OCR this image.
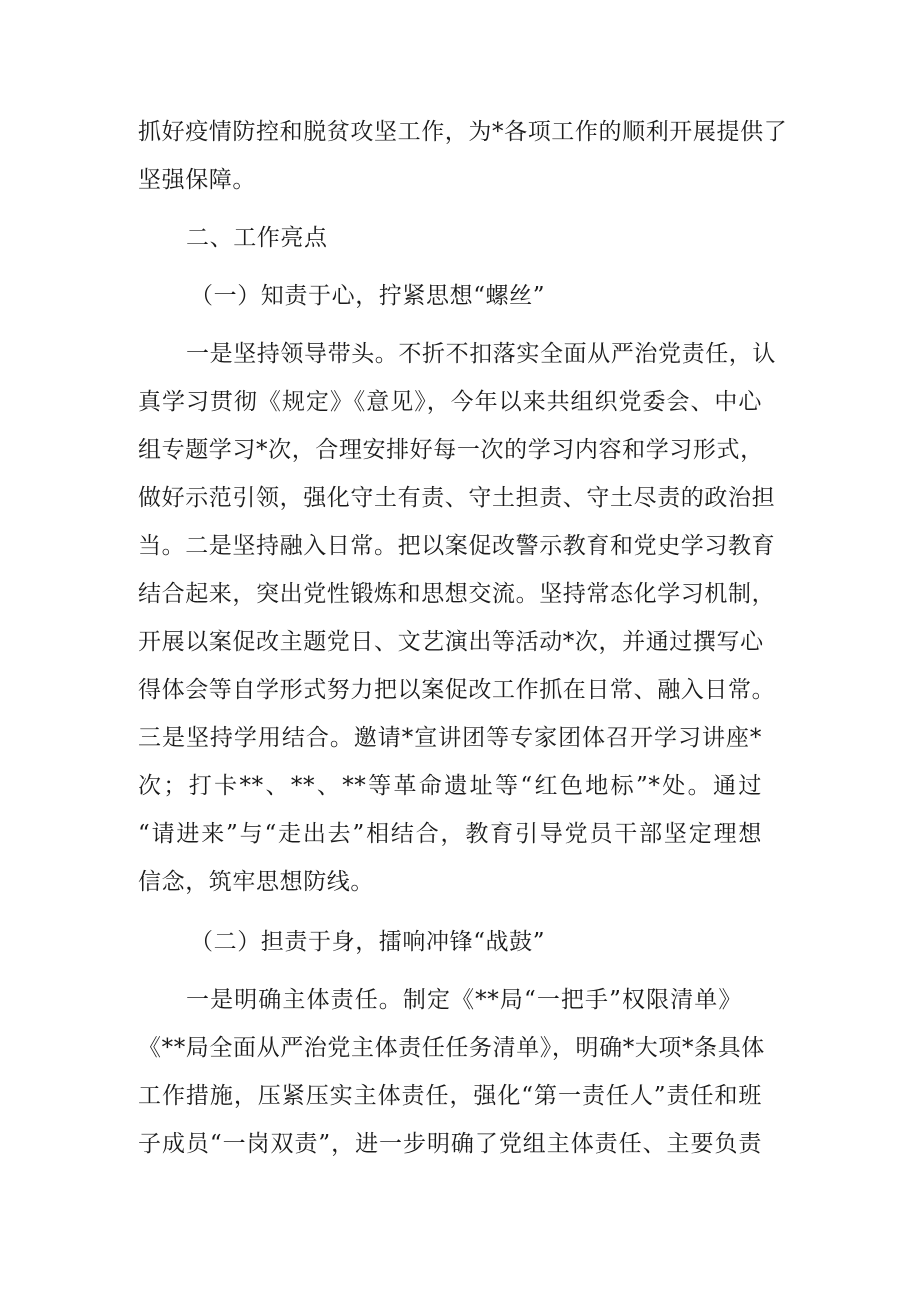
抓好疫情防控和脱贫攻坚工作，为*各项工作的顺利开展提供了
坚强保障。
二、工作亮点
（一）知责于心，拧紧思想“螺丝”
一是坚持领导带头。不折不扣落实全面从严治党责任，认
真学习贯彻《规定》《意见》，今年以来共组织党委会、中心
组专题学习*次，合理安排好每一次的学习内容和学习形式，
做好示范引领，强化守土有责、守土担责、守土尽责的政治担
当。二是坚持融入日常。把以案促改警示教育和党史学习教育
结合起来，突出党性锻炼和思想交流。坚持常态化学习机制，
开展以案促改主题党日、文艺演出等活动*次，并通过撰写心
得体会等自学形式努力把以案促改工作抓在日常、融入日常。
三是坚持学用结合。邀请*宣讲团等专家团体召开学习讲座*
次；打卡**、**、**等革命遗址等“红色地标”*处。通过
“请进来”与“走出去”相结合，教育引导党员干部坚定理想
信念，筑牢思想防线。
（二）担责于身，擂响冲锋“战鼓”
一是明确主体责任。制定《**局“一把手”权限清单》
《**局全面从严治党主体责任任务清单》，明确*大项*条具体
工作措施，压紧压实主体责任，强化“第一责任人”责任和班
子成员“一岗双责”，进一步明确了党组主体责任、主要负责
